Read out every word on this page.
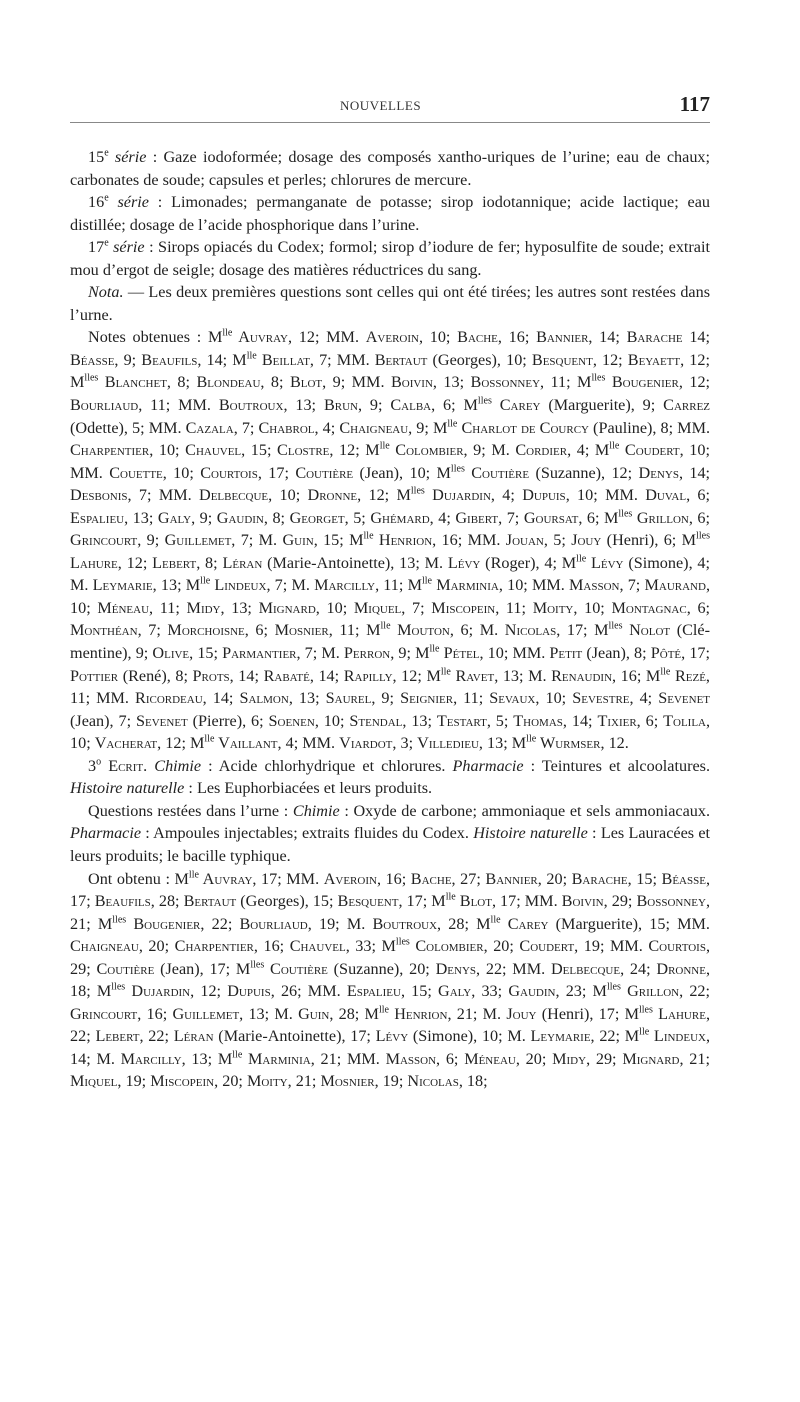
NOUVELLES	117

15e série : Gaze iodoformée; dosage des composés xantho-uriques de l’urine; eau de chaux; carbonates de soude; capsules et perles; chlorures de mercure.

16e série : Limonades; permanganate de potasse; sirop iodotannique; acide lactique; eau distillée; dosage de l’acide phosphorique dans l’urine.

17e série : Sirops opiacés du Codex; formol; sirop d’iodure de fer; hyposulfite de soude; extrait mou d’ergot de seigle; dosage des matières réductrices du sang.

Nota. — Les deux premières questions sont celles qui ont été tirées; les autres sont restées dans l’urne.

Notes obtenues : $M^{lle}$ Auvray, 12; MM. Averoin, 10; Bache, 16; Bannier, 14; Barache 14; Béasse, 9; Beaufils, 14; $M^{lle}$ Beillat, 7; MM. Bertaut (Georges), 10; Besquent, 12; Beyaett, 12; $M^{lles}$ Blanchet, 8; Blondeau, 8; Blot, 9; MM. Boivin, 13; Bossonney, 11; $M^{lles}$ Bougenier, 12; Bourliaud, 11; MM. Boutroux, 13; Brun, 9; Calba, 6; $M^{lles}$ Carey (Marguerite), 9; Carrez (Odette), 5; MM. Cazala, 7; Chabrol, 4; Chaigneau, 9; $M^{lle}$ Charlot de Courcy (Pauline), 8; MM. Charpentier, 10; Chauvel, 15; Clostre, 12; $M^{lle}$ Colombier, 9; M. Cordier, 4; $M^{lle}$ Coudert, 10; MM. Couette, 10; Courtois, 17; Coutière (Jean), 10; $M^{lles}$ Coutière (Suzanne), 12; Denys, 14; Desbonis, 7; MM. Delbecque, 10; Dronne, 12; $M^{lles}$ Dujardin, 4; Dupuis, 10; MM. Duval, 6; Espalieu, 13; Galy, 9; Gaudin, 8; Georget, 5; Ghémard, 4; Gibert, 7; Goursat, 6; $M^{lles}$ Grillon, 6; Grincourt, 9; Guillemet, 7; M. Guin, 15; $M^{lle}$ Henrion, 16; MM. Jouan, 5; Jouy (Henri), 6; $M^{lles}$ Lahure, 12; Lebert, 8; Léran (Marie-Antoinette), 13; M. Lévy (Roger), 4; $M^{lle}$ Lévy (Simone), 4; M. Leymarie, 13; $M^{lle}$ Lindeux, 7; M. Marcilly, 11; $M^{lle}$ Marminia, 10; MM. Masson, 7; Maurand, 10; Méneau, 11; Midy, 13; Mignard, 10; Miquel, 7; Miscopein, 11; Moity, 10; Montagnac, 6; Monthéan, 7; Morchoisne, 6; Mosnier, 11; $M^{lle}$ Mouton, 6; M. Nicolas, 17; $M^{lles}$ Nolot (Clémentine), 9; Olive, 15; Parmantier, 7; M. Perron, 9; $M^{lle}$ Pétel, 10; MM. Petit (Jean), 8; Pôté, 17; Pottier (René), 8; Prots, 14; Rabaté, 14; Rapilly, 12; $M^{lle}$ Ravet, 13; M. Renaudin, 16; $M^{lle}$ Rezé, 11; MM. Ricordeau, 14; Salmon, 13; Saurel, 9; Seignier, 11; Sevaux, 10; Sevestre, 4; Sevenet (Jean), 7; Sevenet (Pierre), 6; Soenen, 10; Stendal, 13; Testart, 5; Thomas, 14; Tixier, 6; Tolila, 10; Vacherat, 12; $M^{lle}$ Vaillant, 4; MM. Viardot, 3; Villedieu, 13; $M^{lle}$ Wurmser, 12.

3$^o$ Ecrit. Chimie : Acide chlorhydrique et chlorures. Pharmacie : Teintures et alcoolatures. Histoire naturelle : Les Euphorbiacées et leurs produits.

Questions restées dans l’urne : Chimie : Oxyde de carbone; ammoniaque et sels ammoniacaux. Pharmacie : Ampoules injectables; extraits fluides du Codex. Histoire naturelle : Les Lauracées et leurs produits; le bacille typhique.

Ont obtenu : $M^{lle}$ Auvray, 17; MM. Averoin, 16; Bache, 27; Bannier, 20; Barache, 15; Béasse, 17; Beaufils, 28; Bertaut (Georges), 15; Besquent, 17; $M^{lle}$ Blot, 17; MM. Boivin, 29; Bossonney, 21; $M^{lles}$ Bougenier, 22; Bourliaud, 19; M. Boutroux, 28; $M^{lle}$ Carey (Marguerite), 15; MM. Chaigneau, 20; Charpentier, 16; Chauvel, 33; $M^{lles}$ Colombier, 20; Coudert, 19; MM. Courtois, 29; Coutière (Jean), 17; $M^{lles}$ Coutière (Suzanne), 20; Denys, 22; MM. Delbecque, 24; Dronne, 18; $M^{lles}$ Dujardin, 12; Dupuis, 26; MM. Espalieu, 15; Galy, 33; Gaudin, 23; $M^{lles}$ Grillon, 22; Grincourt, 16; Guillemet, 13; M. Guin, 28; $M^{lle}$ Henrion, 21; M. Jouy (Henri), 17; $M^{lles}$ Lahure, 22; Lebert, 22; Léran (Marie-Antoinette), 17; Lévy (Simone), 10; M. Leymarie, 22; $M^{lle}$ Lindeux, 14; M. Marcilly, 13; $M^{lle}$ Marminia, 21; MM. Masson, 6; Méneau, 20; Midy, 29; Mignard, 21; Miquel, 19; Miscopein, 20; Moity, 21; Mosnier, 19; Nicolas, 18;
